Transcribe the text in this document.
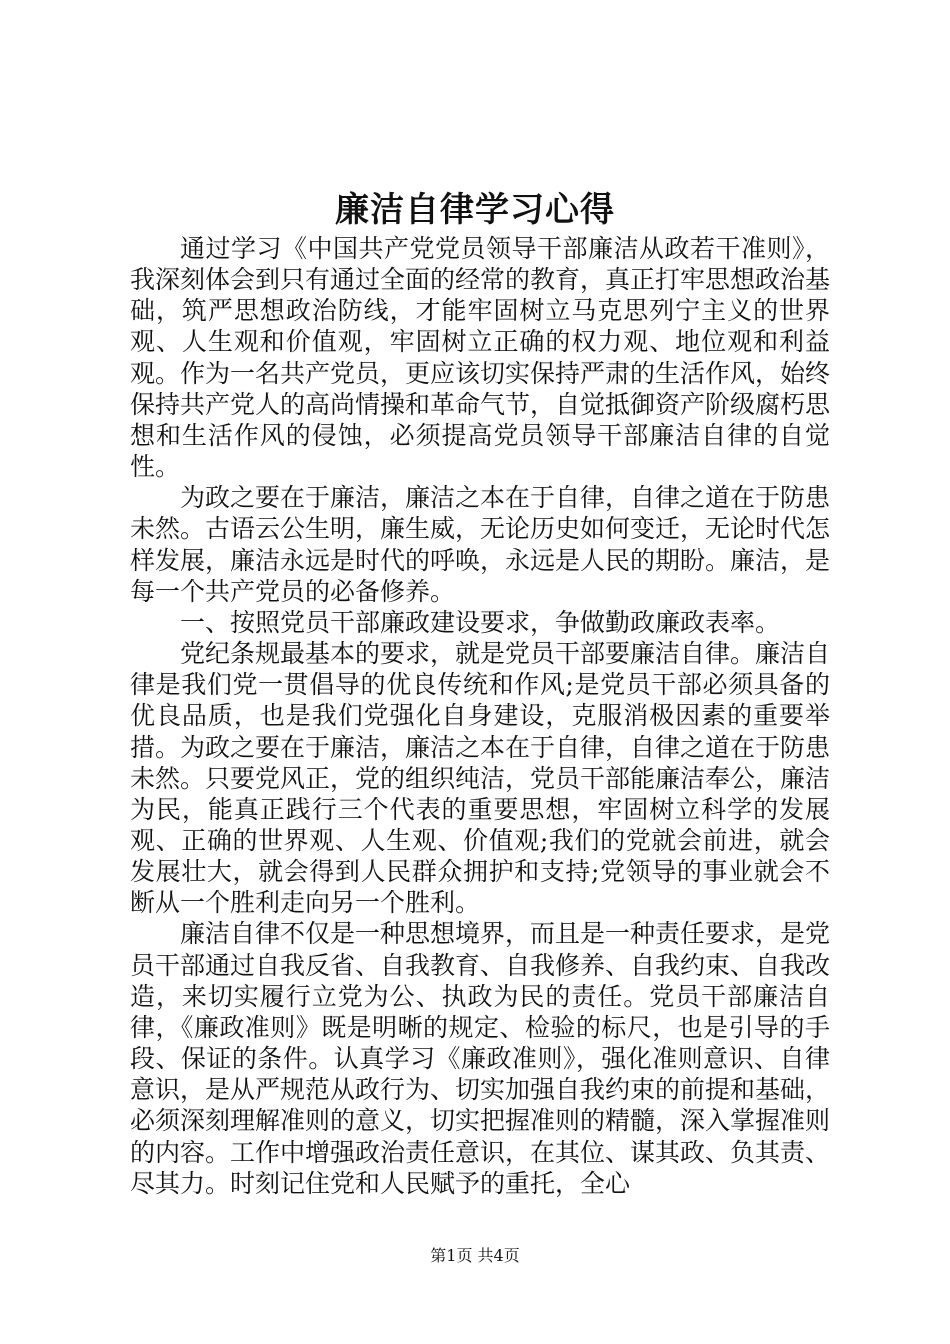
廉洁自律学习心得

通过学习《中国共产党党员领导干部廉洁从政若干准则》，我深刻体会到只有通过全面的经常的教育，真正打牢思想政治基础，筑严思想政治防线，才能牢固树立马克思列宁主义的世界观、人生观和价值观，牢固树立正确的权力观、地位观和利益观。作为一名共产党员，更应该切实保持严肃的生活作风，始终保持共产党人的高尚情操和革命气节，自觉抵御资产阶级腐朽思想和生活作风的侵蚀，必须提高党员领导干部廉洁自律的自觉性。

为政之要在于廉洁，廉洁之本在于自律，自律之道在于防患未然。古语云公生明，廉生威，无论历史如何变迁，无论时代怎样发展，廉洁永远是时代的呼唤，永远是人民的期盼。廉洁，是每一个共产党员的必备修养。

一、按照党员干部廉政建设要求，争做勤政廉政表率。

党纪条规最基本的要求，就是党员干部要廉洁自律。廉洁自律是我们党一贯倡导的优良传统和作风;是党员干部必须具备的优良品质，也是我们党强化自身建设，克服消极因素的重要举措。为政之要在于廉洁，廉洁之本在于自律，自律之道在于防患未然。只要党风正，党的组织纯洁，党员干部能廉洁奉公，廉洁为民，能真正践行三个代表的重要思想，牢固树立科学的发展观、正确的世界观、人生观、价值观;我们的党就会前进，就会发展壮大，就会得到人民群众拥护和支持;党领导的事业就会不断从一个胜利走向另一个胜利。

廉洁自律不仅是一种思想境界，而且是一种责任要求，是党员干部通过自我反省、自我教育、自我修养、自我约束、自我改造，来切实履行立党为公、执政为民的责任。党员干部廉洁自律，《廉政准则》既是明晰的规定、检验的标尺，也是引导的手段、保证的条件。认真学习《廉政准则》，强化准则意识、自律意识，是从严规范从政行为、切实加强自我约束的前提和基础，必须深刻理解准则的意义，切实把握准则的精髓，深入掌握准则的内容。工作中增强政治责任意识，在其位、谋其政、负其责、尽其力。时刻记住党和人民赋予的重托，全心

第1页 共4页
